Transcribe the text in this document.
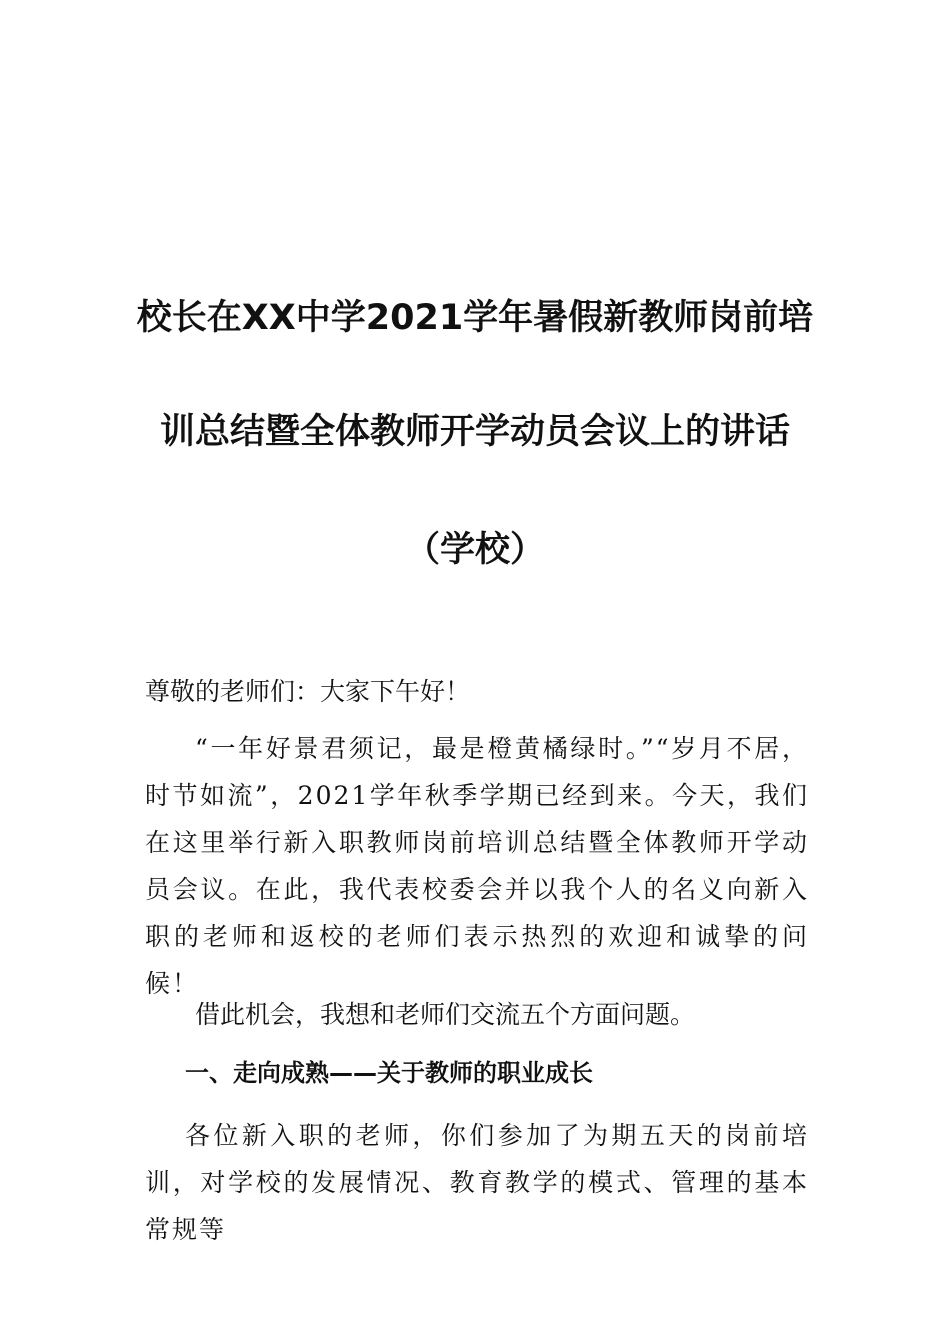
校长在XX中学2021学年暑假新教师岗前培
训总结暨全体教师开学动员会议上的讲话
（学校）
尊敬的老师们：大家下午好！
“一年好景君须记，最是橙黄橘绿时。”“岁月不居，时节如流”，2021学年秋季学期已经到来。今天，我们在这里举行新入职教师岗前培训总结暨全体教师开学动员会议。在此，我代表校委会并以我个人的名义向新入职的老师和返校的老师们表示热烈的欢迎和诚挚的问候！
借此机会，我想和老师们交流五个方面问题。
一、走向成熟——关于教师的职业成长
各位新入职的老师，你们参加了为期五天的岗前培训，对学校的发展情况、教育教学的模式、管理的基本常规等
